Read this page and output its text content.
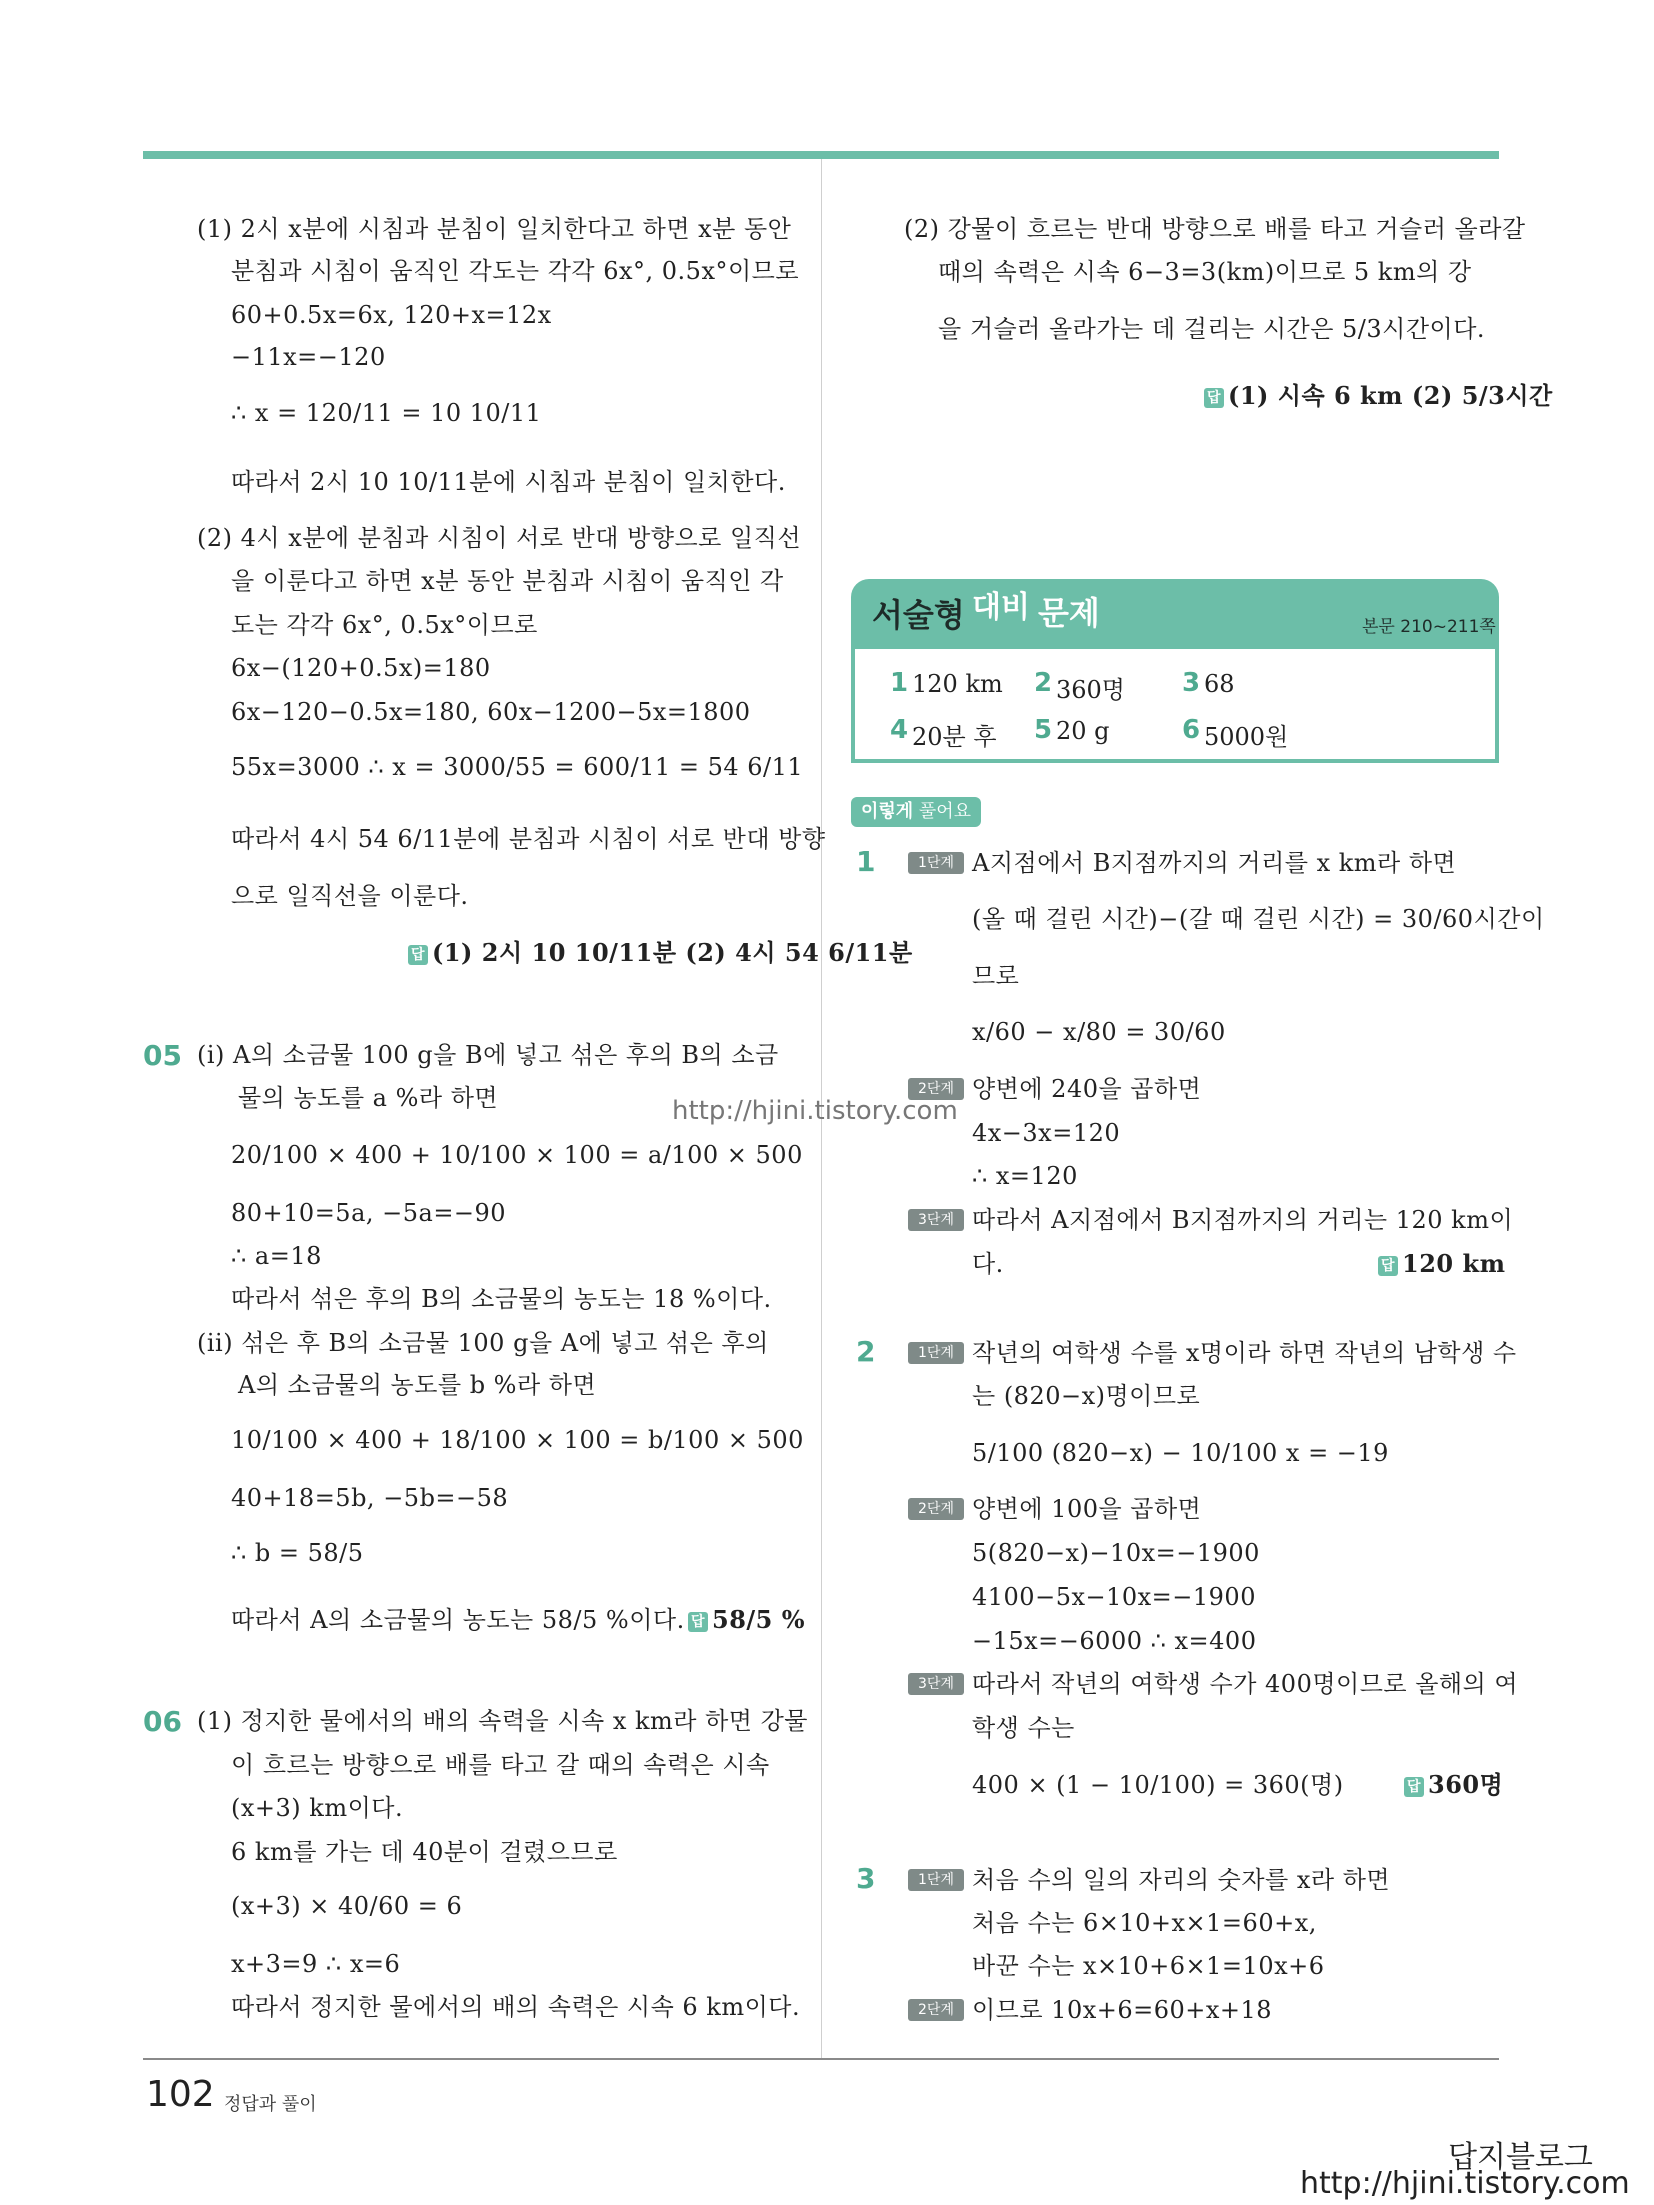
(1) 2시 x분에 시침과 분침이 일치한다고 하면 x분 동안
분침과 시침이 움직인 각도는 각각 6x°, 0.5x°이므로
60+0.5x=6x, 120+x=12x
−11x=−120
∴ x = 120/11 = 10 10/11
따라서 2시 10 10/11분에 시침과 분침이 일치한다.
(2) 4시 x분에 분침과 시침이 서로 반대 방향으로 일직선
을 이룬다고 하면 x분 동안 분침과 시침이 움직인 각
도는 각각 6x°, 0.5x°이므로
6x−(120+0.5x)=180
6x−120−0.5x=180, 60x−1200−5x=1800
55x=3000 ∴ x = 3000/55 = 600/11 = 54 6/11
따라서 4시 54 6/11분에 분침과 시침이 서로 반대 방향
으로 일직선을 이룬다.
답 (1) 2시 10 10/11분 (2) 4시 54 6/11분
05 (i) A의 소금물 100 g을 B에 넣고 섞은 후의 B의 소금
물의 농도를 a %라 하면
20/100 × 400 + 10/100 × 100 = a/100 × 500
80+10=5a, −5a=−90
∴ a=18
따라서 섞은 후의 B의 소금물의 농도는 18 %이다.
(ii) 섞은 후 B의 소금물 100 g을 A에 넣고 섞은 후의
A의 소금물의 농도를 b %라 하면
10/100 × 400 + 18/100 × 100 = b/100 × 500
40+18=5b, −5b=−58
∴ b = 58/5
따라서 A의 소금물의 농도는 58/5 %이다. 답 58/5 %
06 (1) 정지한 물에서의 배의 속력을 시속 x km라 하면 강물
이 흐르는 방향으로 배를 타고 갈 때의 속력은 시속
(x+3) km이다.
6 km를 가는 데 40분이 걸렸으므로
(x+3) × 40/60 = 6
x+3=9 ∴ x=6
따라서 정지한 물에서의 배의 속력은 시속 6 km이다.
(2) 강물이 흐르는 반대 방향으로 배를 타고 거슬러 올라갈
때의 속력은 시속 6−3=3(km)이므로 5 km의 강
을 거슬러 올라가는 데 걸리는 시간은 5/3시간이다.
답 (1) 시속 6 km (2) 5/3시간
서술형 대비 문제	본문 210~211쪽
1 120 km 2 360명 3 68
4 20분 후 5 20 g	6 5000원
이렇게 풀어요
1	1단계 A지점에서 B지점까지의 거리를 x km라 하면
(올 때 걸린 시간)−(갈 때 걸린 시간) = 30/60시간이
므로
x/60 − x/80 = 30/60
2단계 양변에 240을 곱하면
4x−3x=120
∴ x=120
3단계 따라서 A지점에서 B지점까지의 거리는 120 km이
다.	답 120 km
2	1단계 작년의 여학생 수를 x명이라 하면 작년의 남학생 수
는 (820−x)명이므로
5/100 (820−x) − 10/100 x = −19
2단계 양변에 100을 곱하면
5(820−x)−10x=−1900
4100−5x−10x=−1900
−15x=−6000 ∴ x=400
3단계 따라서 작년의 여학생 수가 400명이므로 올해의 여
학생 수는
400 × (1 − 10/100) = 360(명)	답 360명
3	1단계 처음 수의 일의 자리의 숫자를 x라 하면
처음 수는 6×10+x×1=60+x,
바꾼 수는 x×10+6×1=10x+6
2단계 이므로 10x+6=60+x+18
http://hjini.tistory.com
102 정답과 풀이
답지블로그
http://hjini.tistory.com
